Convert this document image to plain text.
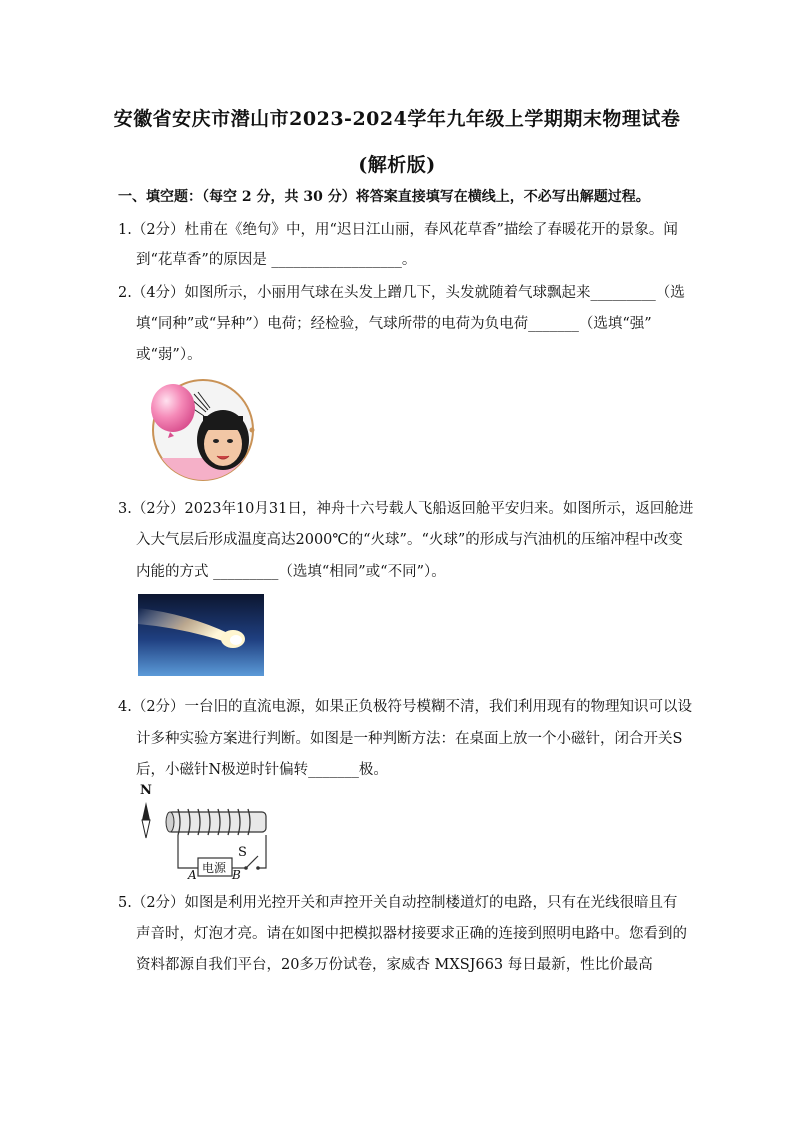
安徽省安庆市潜山市2023-2024学年九年级上学期期末物理试卷
(解析版)
一、填空题：（每空 2 分，共 30 分）将答案直接填写在横线上，不必写出解题过程。
1.（2分）杜甫在《绝句》中，用“迟日江山丽，春风花草香”描绘了春暖花开的景象。闻
到“花草香”的原因是 __________________。
2.（4分）如图所示，小丽用气球在头发上蹭几下，头发就随着气球飘起来_________（选
填“同种”或“异种”）电荷；经检验，气球所带的电荷为负电荷_______（选填“强”
或“弱”）。
3.（2分）2023年10月31日，神舟十六号载人飞船返回舱平安归来。如图所示，返回舱进
入大气层后形成温度高达2000℃的“火球”。“火球”的形成与汽油机的压缩冲程中改变
内能的方式 _________（选填“相同”或“不同”）。
4.（2分）一台旧的直流电源，如果正负极符号模糊不清，我们利用现有的物理知识可以设
计多种实验方案进行判断。如图是一种判断方法：在桌面上放一个小磁针，闭合开关S
后，小磁针N极逆时针偏转_______极。
N
电源
S
A	B
5.（2分）如图是利用光控开关和声控开关自动控制楼道灯的电路，只有在光线很暗且有
声音时，灯泡才亮。请在如图中把模拟器材接要求正确的连接到照明电路中。您看到的
资料都源自我们平台，20多万份试卷，家威杏 MXSJ663 每日最新，性比价最高
